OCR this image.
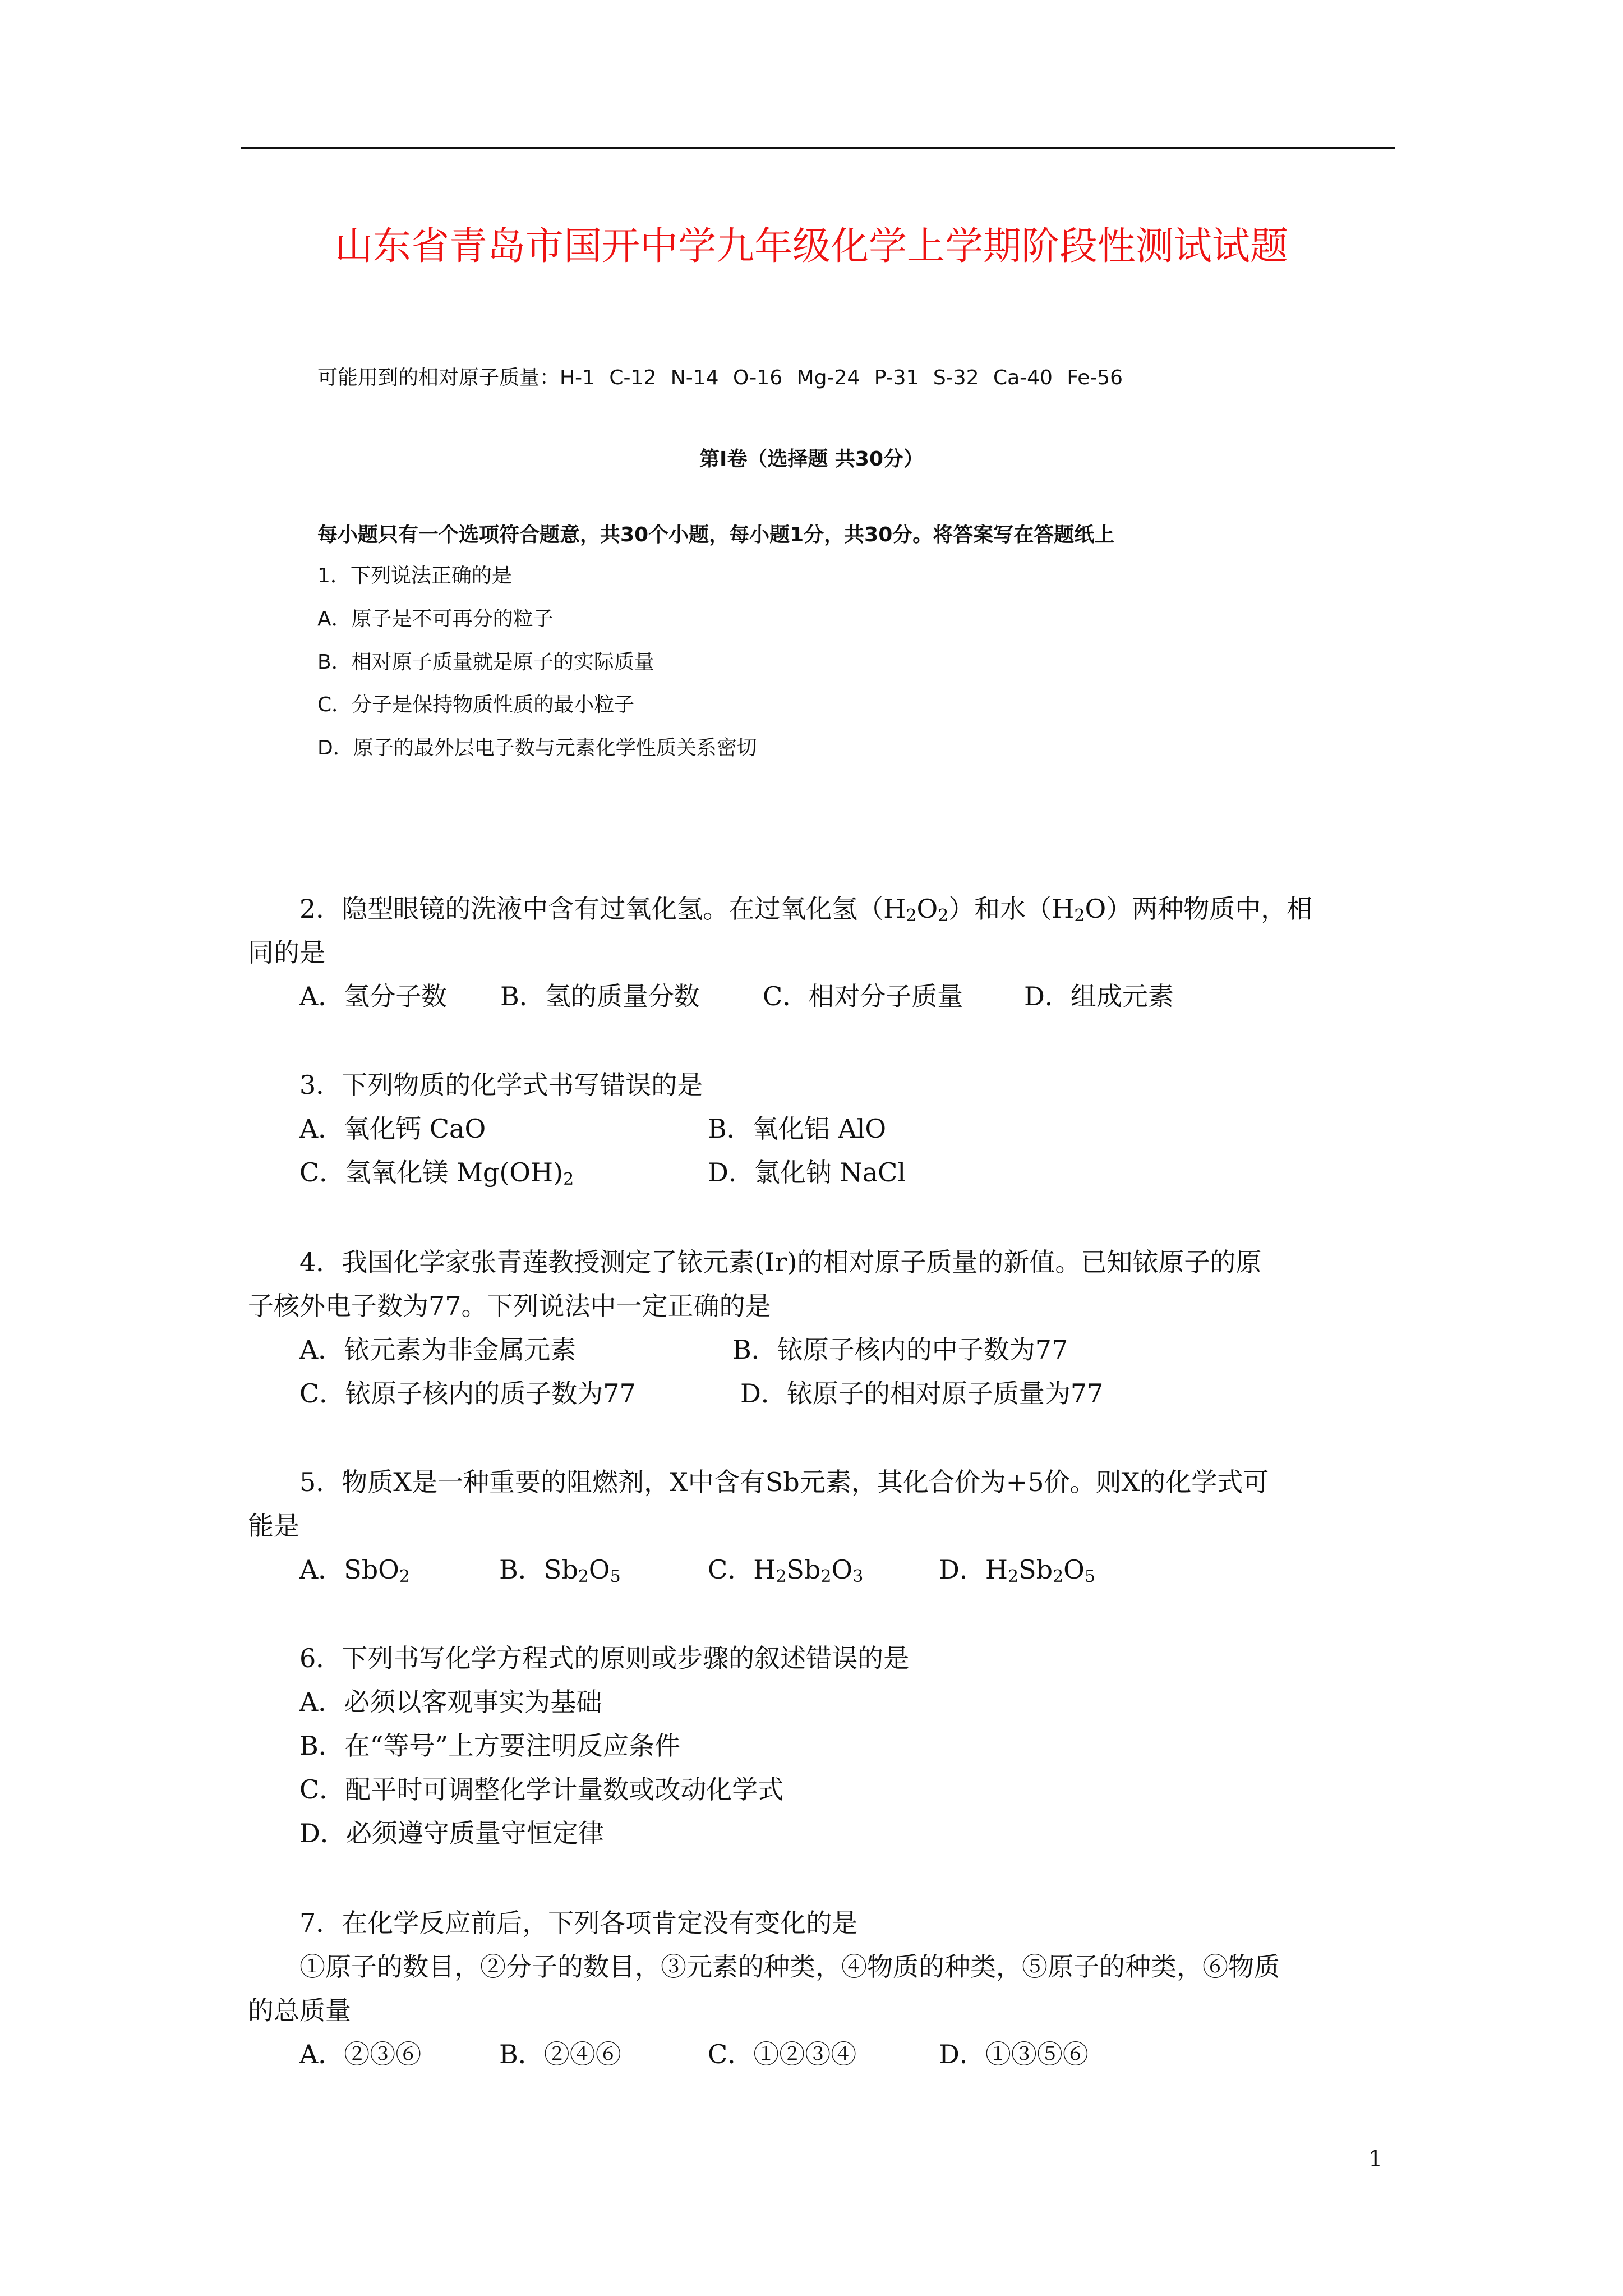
山东省青岛市国开中学九年级化学上学期阶段性测试试题
可能用到的相对原子质量：H-1 C-12 N-14 O-16 Mg-24 P-31 S-32 Ca-40 Fe-56
第Ⅰ卷（选择题 共30分）
每小题只有一个选项符合题意，共30个小题，每小题1分，共30分。将答案写在答题纸上
1．下列说法正确的是
A．原子是不可再分的粒子
B．相对原子质量就是原子的实际质量
C．分子是保持物质性质的最小粒子
D．原子的最外层电子数与元素化学性质关系密切
2．隐型眼镜的洗液中含有过氧化氢。在过氧化氢$(H_2O_2)$和水$(H_2O)$两种物质中，相
同的是
A．氢分子数 B．氢的质量分数 C．相对分子质量 D．组成元素
3．下列物质的化学式书写错误的是
A．氧化钙 CaO	B．氧化铝 AlO
C．氢氧化镁 $Mg(OH)_2$	D．氯化钠 NaCl
4．我国化学家张青莲教授测定了铱元素(Ir)的相对原子质量的新值。已知铱原子的原
子核外电子数为77。下列说法中一定正确的是
A．铱元素为非金属元素	B．铱原子核内的中子数为77
C．铱原子核内的质子数为77	D．铱原子的相对原子质量为77
5．物质X是一种重要的阻燃剂，X中含有Sb元素，其化合价为+5价。则X的化学式可
能是
A．SbO$_2$	B．$Sb_2O_5$	C．$H_2Sb_2O_3$	D．$H_2Sb_2O_5$
6．下列书写化学方程式的原则或步骤的叙述错误的是
A．必须以客观事实为基础
B．在“等号”上方要注明反应条件
C．配平时可调整化学计量数或改动化学式
D．必须遵守质量守恒定律
7．在化学反应前后，下列各项肯定没有变化的是
①原子的数目，②分子的数目，③元素的种类，④物质的种类，⑤原子的种类，⑥物质
的总质量
A．②③⑥	B．②④⑥	C．①②③④	D．①③⑤⑥
1
